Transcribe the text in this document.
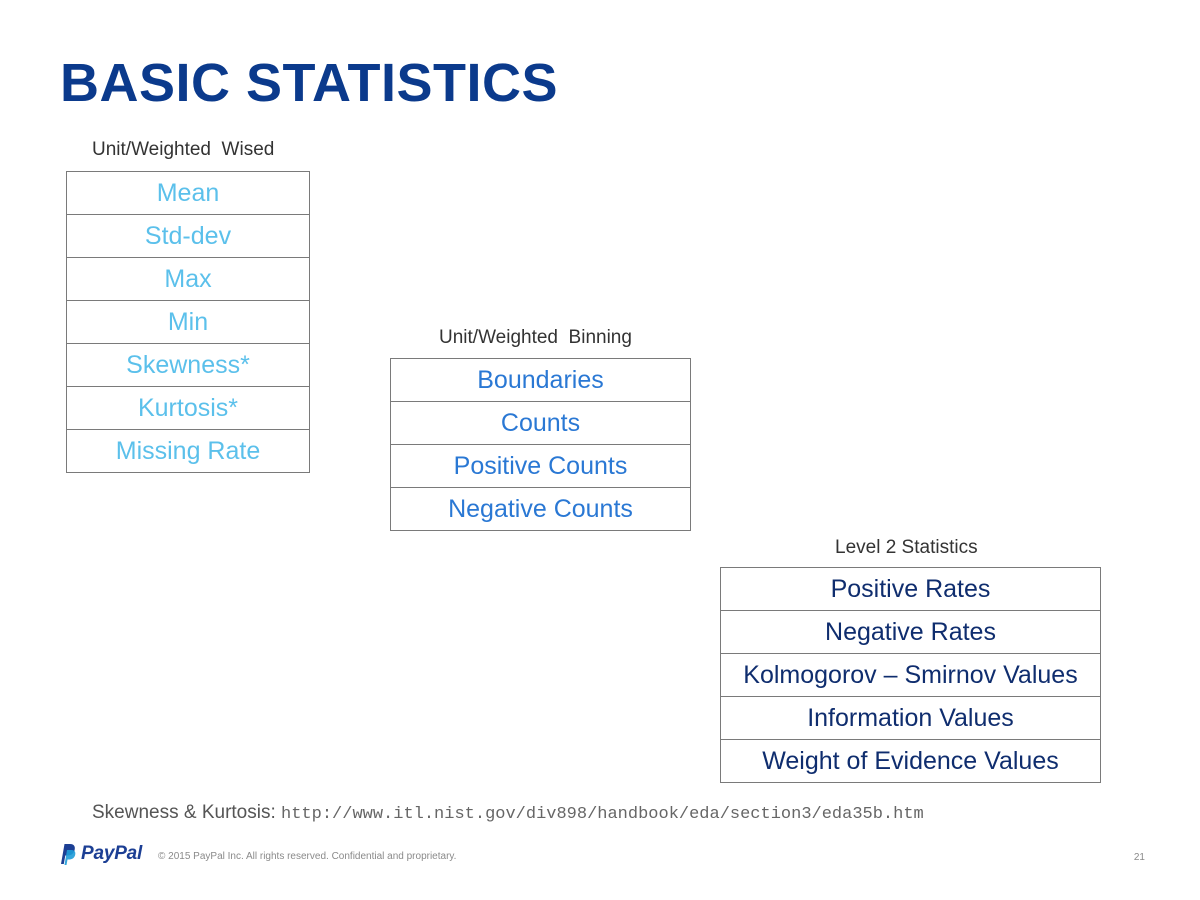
BASIC STATISTICS
Unit/Weighted  Wised
Mean
Std-dev
Max
Min
Skewness*
Kurtosis*
Missing Rate
Unit/Weighted  Binning
Boundaries
Counts
Positive Counts
Negative Counts
Level 2 Statistics
Positive Rates
Negative Rates
Kolmogorov – Smirnov Values
Information Values
Weight of Evidence Values
Skewness & Kurtosis: http://www.itl.nist.gov/div898/handbook/eda/section3/eda35b.htm
PayPal © 2015 PayPal Inc. All rights reserved. Confidential and proprietary.	21
